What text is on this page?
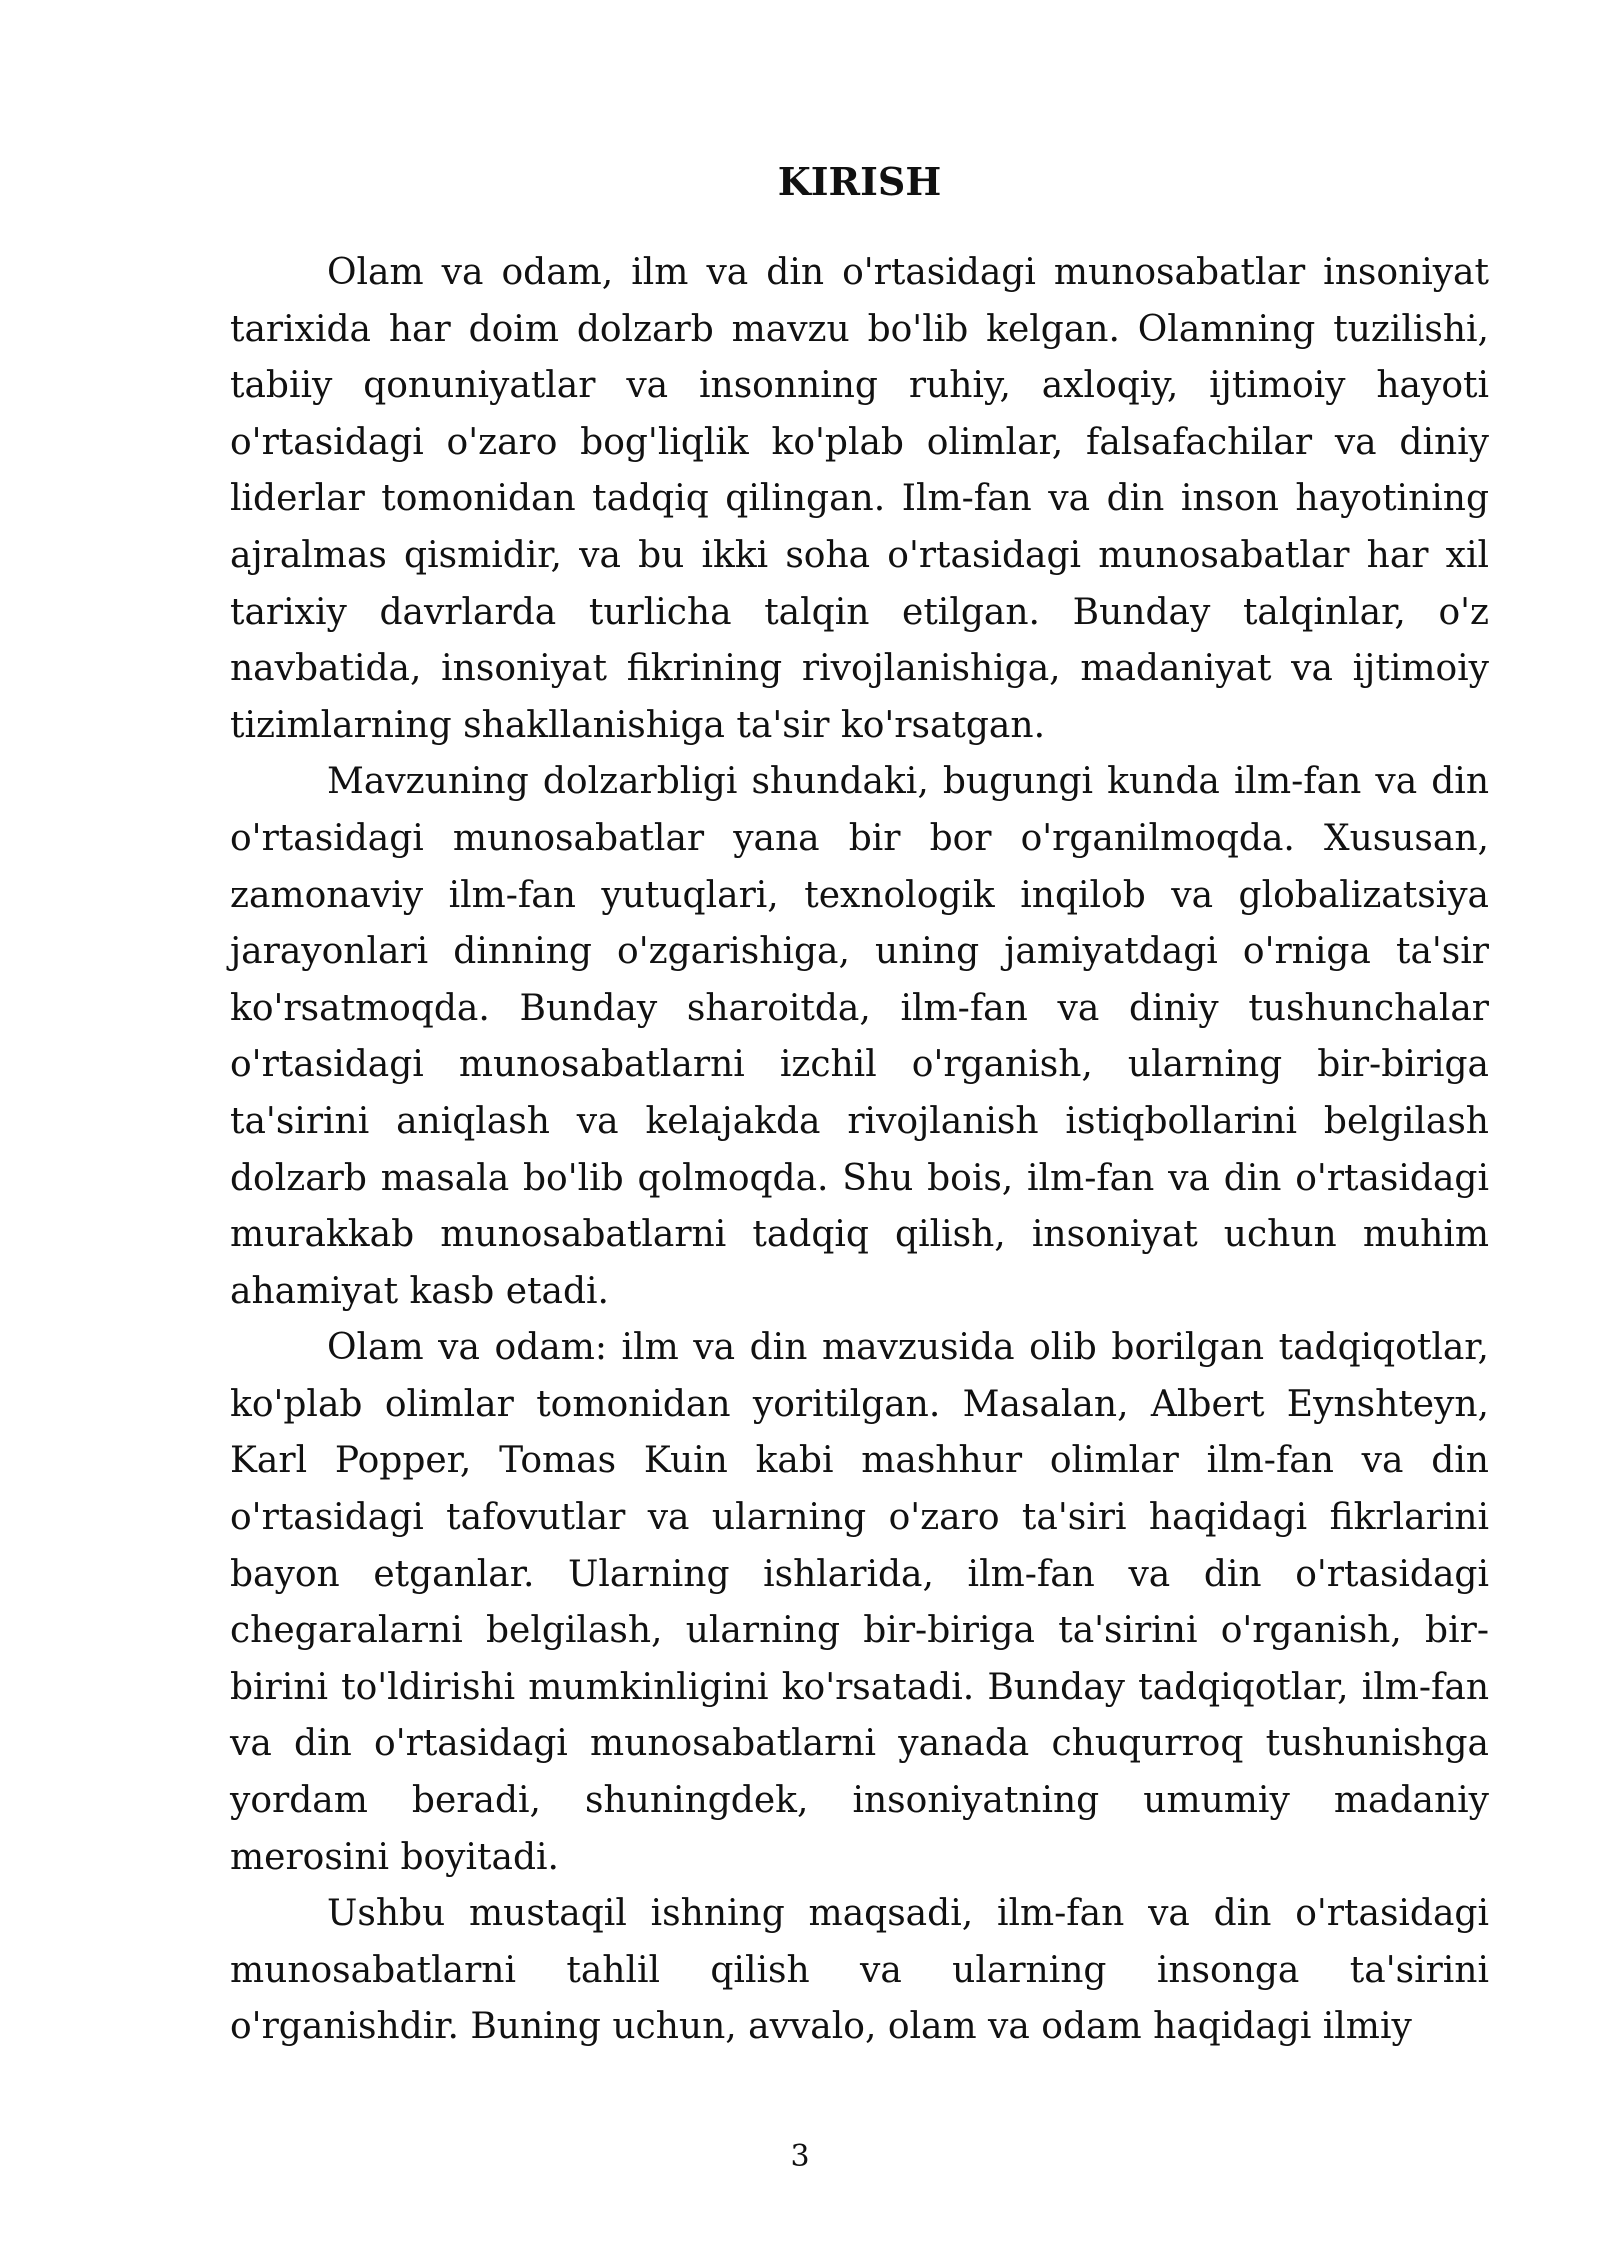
KIRISH

Olam va odam, ilm va din o'rtasidagi munosabatlar insoniyat tarixida har doim dolzarb mavzu bo'lib kelgan. Olamning tuzilishi, tabiiy qonuniyatlar va insonning ruhiy, axloqiy, ijtimoiy hayoti o'rtasidagi o'zaro bog'liqlik ko'plab olimlar, falsafachilar va diniy liderlar tomonidan tadqiq qilingan. Ilm-fan va din inson hayotining ajralmas qismidir, va bu ikki soha o'rtasidagi munosabatlar har xil tarixiy davrlarda turlicha talqin etilgan. Bunday talqinlar, o'z navbatida, insoniyat fikrining rivojlanishiga, madaniyat va ijtimoiy tizimlarning shakllanishiga ta'sir ko'rsatgan.

Mavzuning dolzarbligi shundaki, bugungi kunda ilm-fan va din o'rtasidagi munosabatlar yana bir bor o'rganilmoqda. Xususan, zamonaviy ilm-fan yutuqlari, texnologik inqilob va globalizatsiya jarayonlari dinning o'zgarishiga, uning jamiyatdagi o'rniga ta'sir ko'rsatmoqda. Bunday sharoitda, ilm-fan va diniy tushunchalar o'rtasidagi munosabatlarni izchil o'rganish, ularning bir-biriga ta'sirini aniqlash va kelajakda rivojlanish istiqbollarini belgilash dolzarb masala bo'lib qolmoqda. Shu bois, ilm-fan va din o'rtasidagi murakkab munosabatlarni tadqiq qilish, insoniyat uchun muhim ahamiyat kasb etadi.

Olam va odam: ilm va din mavzusida olib borilgan tadqiqotlar, ko'plab olimlar tomonidan yoritilgan. Masalan, Albert Eynshteyn, Karl Popper, Tomas Kuin kabi mashhur olimlar ilm-fan va din o'rtasidagi tafovutlar va ularning o'zaro ta'siri haqidagi fikrlarini bayon etganlar. Ularning ishlarida, ilm-fan va din o'rtasidagi chegaralarni belgilash, ularning bir-biriga ta'sirini o'rganish, bir-birini to'ldirishi mumkinligini ko'rsatadi. Bunday tadqiqotlar, ilm-fan va din o'rtasidagi munosabatlarni yanada chuqurroq tushunishga yordam beradi, shuningdek, insoniyatning umumiy madaniy merosini boyitadi.

Ushbu mustaqil ishning maqsadi, ilm-fan va din o'rtasidagi munosabatlarni tahlil qilish va ularning insonga ta'sirini o'rganishdir. Buning uchun, avvalo, olam va odam haqidagi ilmiy

3
